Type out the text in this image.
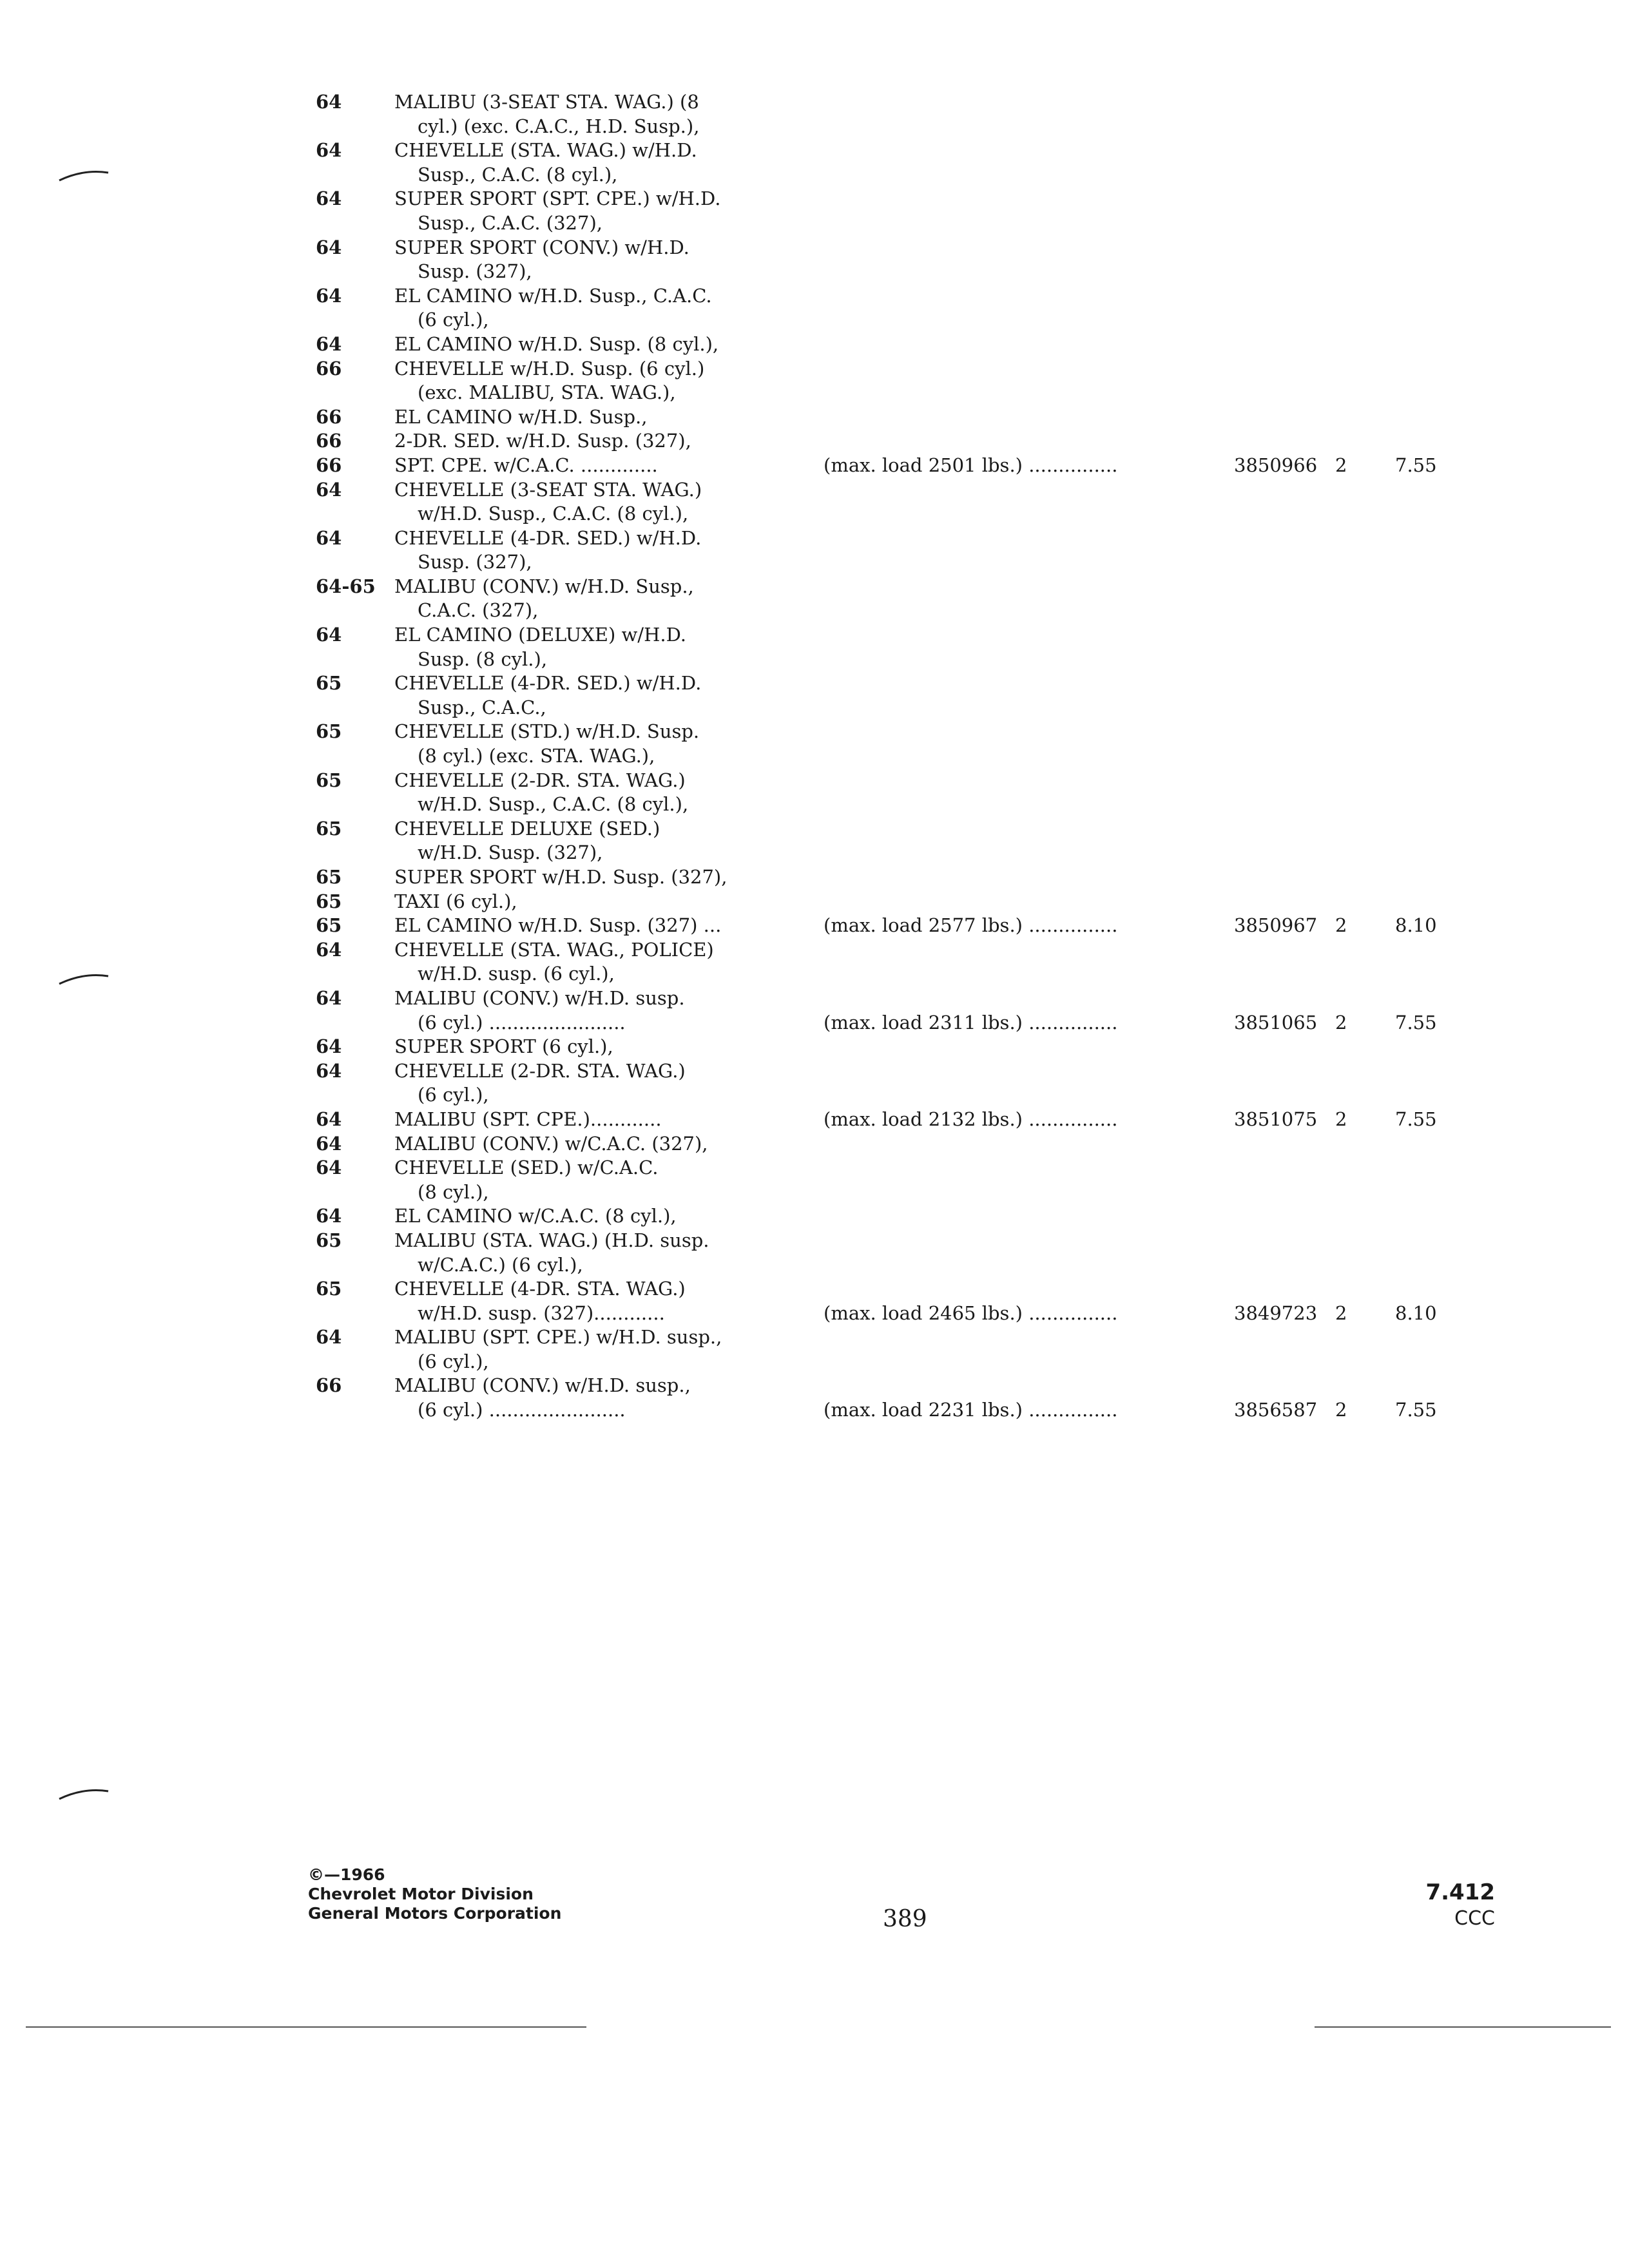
64	MALIBU (3-SEAT STA. WAG.) (8
cyl.) (exc. C.A.C., H.D. Susp.),
64	CHEVELLE (STA. WAG.) w/H.D.
Susp., C.A.C. (8 cyl.),
64	SUPER SPORT (SPT. CPE.) w/H.D.
Susp., C.A.C. (327),
64	SUPER SPORT (CONV.) w/H.D.
Susp. (327),
64	EL CAMINO w/H.D. Susp., C.A.C.
(6 cyl.),
64	EL CAMINO w/H.D. Susp. (8 cyl.),
66	CHEVELLE w/H.D. Susp. (6 cyl.)
(exc. MALIBU, STA. WAG.),
66	EL CAMINO w/H.D. Susp.,
66	2-DR. SED. w/H.D. Susp. (327),
66	SPT. CPE. w/C.A.C. .............	(max. load 2501 lbs.) ...............	3850966 2	7.55
64	CHEVELLE (3-SEAT STA. WAG.)
w/H.D. Susp., C.A.C. (8 cyl.),
64	CHEVELLE (4-DR. SED.) w/H.D.
Susp. (327),
64-65	MALIBU (CONV.) w/H.D. Susp.,
C.A.C. (327),
64	EL CAMINO (DELUXE) w/H.D.
Susp. (8 cyl.),
65	CHEVELLE (4-DR. SED.) w/H.D.
Susp., C.A.C.,
65	CHEVELLE (STD.) w/H.D. Susp.
(8 cyl.) (exc. STA. WAG.),
65	CHEVELLE (2-DR. STA. WAG.)
w/H.D. Susp., C.A.C. (8 cyl.),
65	CHEVELLE DELUXE (SED.)
w/H.D. Susp. (327),
65	SUPER SPORT w/H.D. Susp. (327),
65	TAXI (6 cyl.),
65	EL CAMINO w/H.D. Susp. (327) ...	(max. load 2577 lbs.) ...............	3850967 2	8.10
64	CHEVELLE (STA. WAG., POLICE)
w/H.D. susp. (6 cyl.),
64	MALIBU (CONV.) w/H.D. susp.
(6 cyl.) .......................	(max. load 2311 lbs.) ...............	3851065 2	7.55
64	SUPER SPORT (6 cyl.),
64	CHEVELLE (2-DR. STA. WAG.)
(6 cyl.),
64	MALIBU (SPT. CPE.)............	(max. load 2132 lbs.) ...............	3851075 2	7.55
64	MALIBU (CONV.) w/C.A.C. (327),
64	CHEVELLE (SED.) w/C.A.C.
(8 cyl.),
64	EL CAMINO w/C.A.C. (8 cyl.),
65	MALIBU (STA. WAG.) (H.D. susp.
w/C.A.C.) (6 cyl.),
65	CHEVELLE (4-DR. STA. WAG.)
w/H.D. susp. (327)............	(max. load 2465 lbs.) ...............	3849723 2	8.10
64	MALIBU (SPT. CPE.) w/H.D. susp.,
(6 cyl.),
66	MALIBU (CONV.) w/H.D. susp.,
(6 cyl.) .......................	(max. load 2231 lbs.) ...............	3856587 2	7.55
©—1966
Chevrolet Motor Division
General Motors Corporation	389
7.412
CCC
